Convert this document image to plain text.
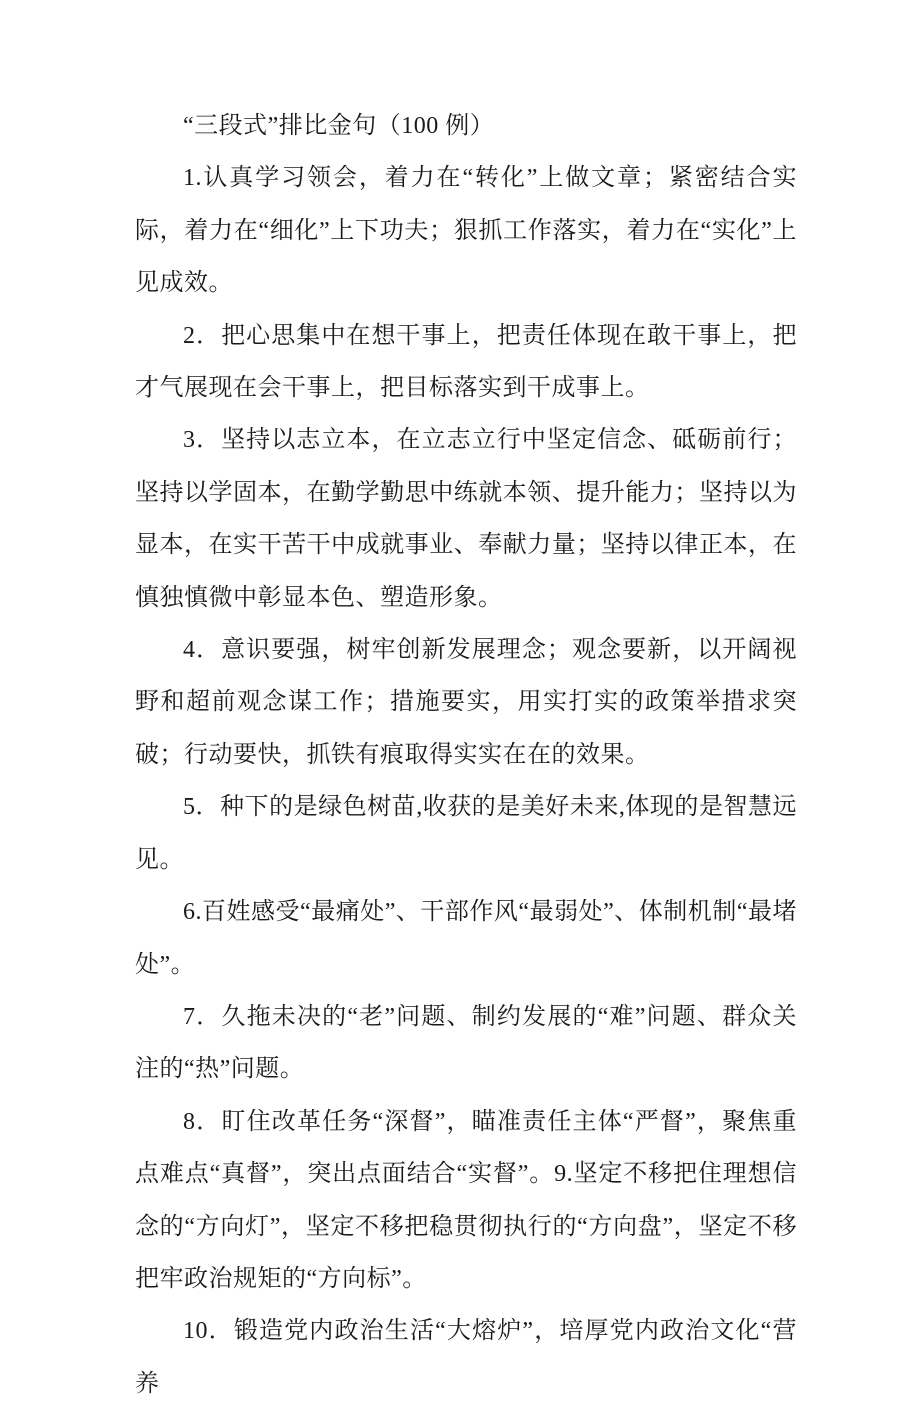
“三段式”排比金句（100 例）

1.认真学习领会，着力在“转化”上做文章；紧密结合实际，着力在“细化”上下功夫；狠抓工作落实，着力在“实化”上见成效。

2．把心思集中在想干事上，把责任体现在敢干事上，把才气展现在会干事上，把目标落实到干成事上。

3．坚持以志立本，在立志立行中坚定信念、砥砺前行；坚持以学固本，在勤学勤思中练就本领、提升能力；坚持以为显本，在实干苦干中成就事业、奉献力量；坚持以律正本，在慎独慎微中彰显本色、塑造形象。

4．意识要强，树牢创新发展理念；观念要新，以开阔视野和超前观念谋工作；措施要实，用实打实的政策举措求突破；行动要快，抓铁有痕取得实实在在的效果。

5．种下的是绿色树苗,收获的是美好未来,体现的是智慧远见。

6.百姓感受“最痛处”、干部作风“最弱处”、体制机制“最堵处”。

7．久拖未决的“老”问题、制约发展的“难”问题、群众关注的“热”问题。

8．盯住改革任务“深督”，瞄准责任主体“严督”，聚焦重点难点“真督”，突出点面结合“实督”。9.坚定不移把住理想信念的“方向灯”，坚定不移把稳贯彻执行的“方向盘”，坚定不移把牢政治规矩的“方向标”。

10．锻造党内政治生活“大熔炉”，培厚党内政治文化“营养
